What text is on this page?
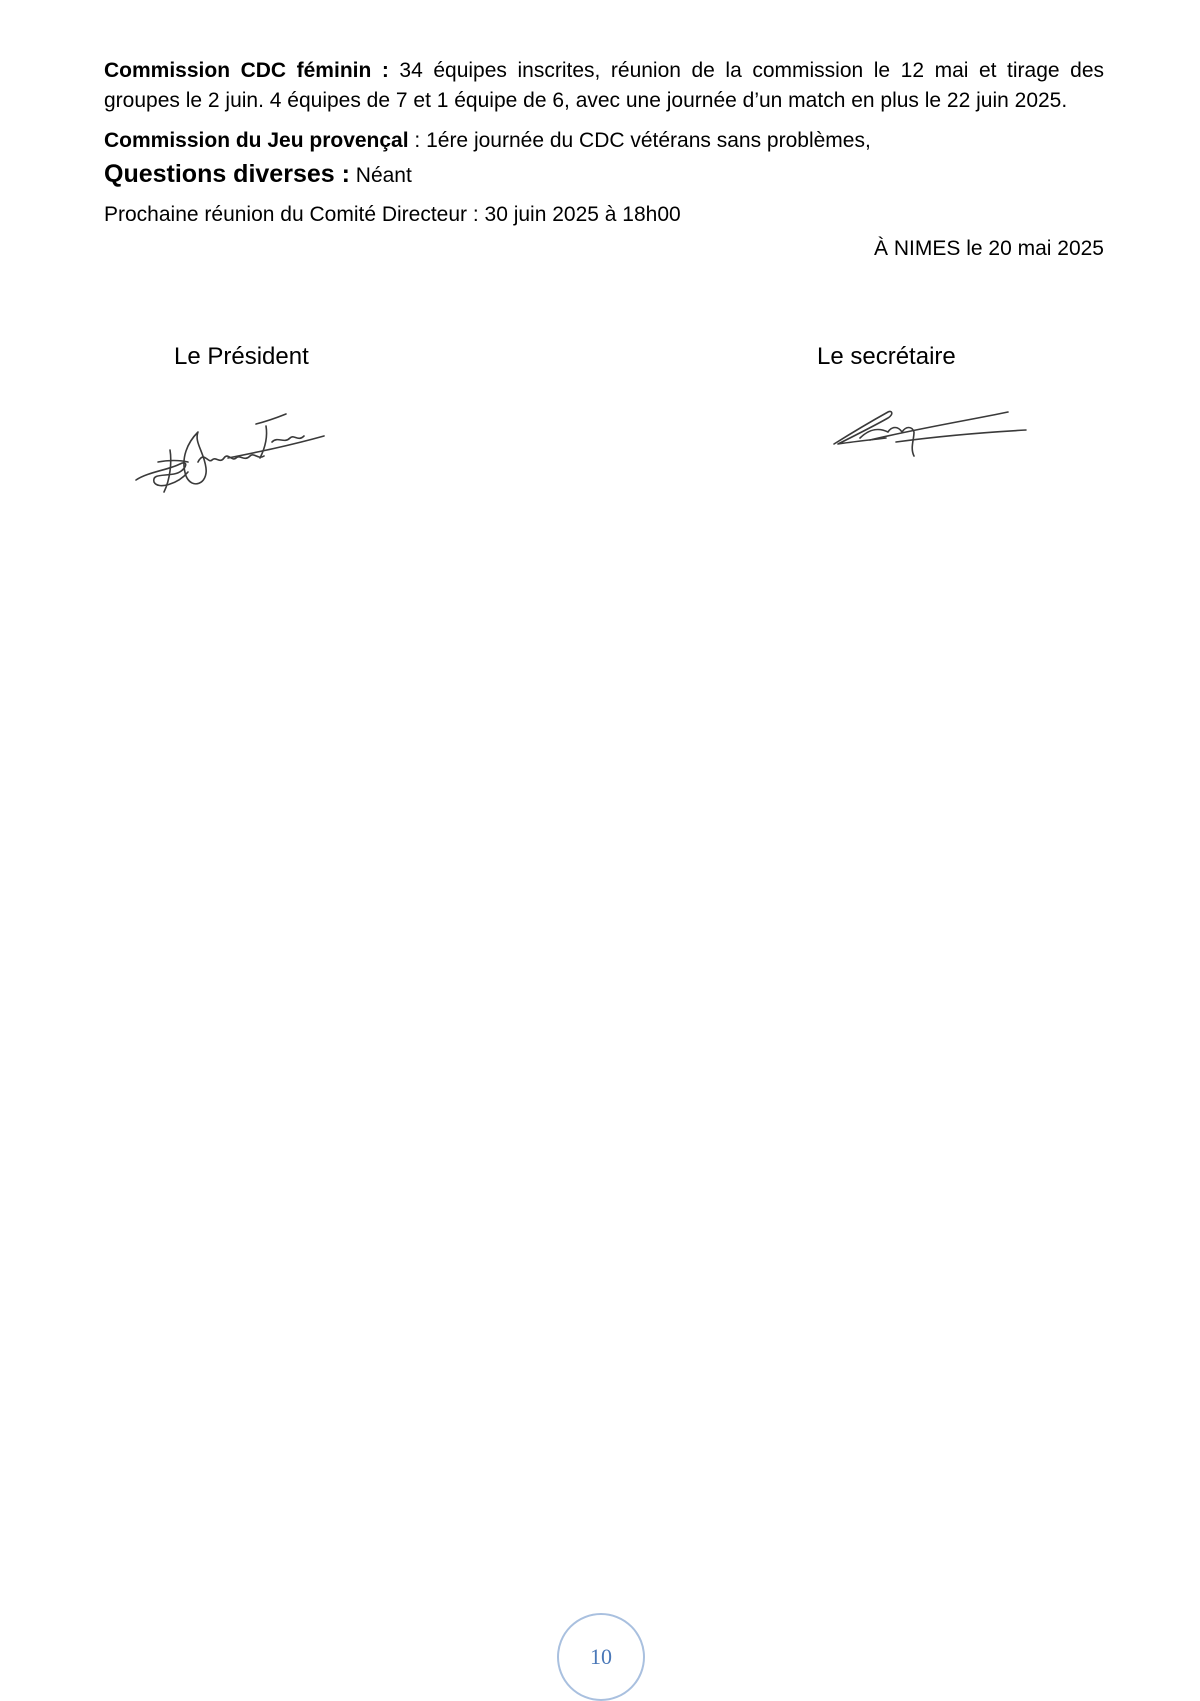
Commission CDC féminin : 34 équipes inscrites, réunion de la commission le 12 mai et tirage des groupes le 2 juin. 4 équipes de 7 et 1 équipe de 6, avec une journée d’un match en plus le 22 juin 2025.

Commission du Jeu provençal : 1ére journée du CDC vétérans sans problèmes,

Questions diverses : Néant

Prochaine réunion du Comité Directeur : 30 juin 2025 à 18h00

À NIMES le 20 mai 2025
Le Président	Le secrétaire
10
